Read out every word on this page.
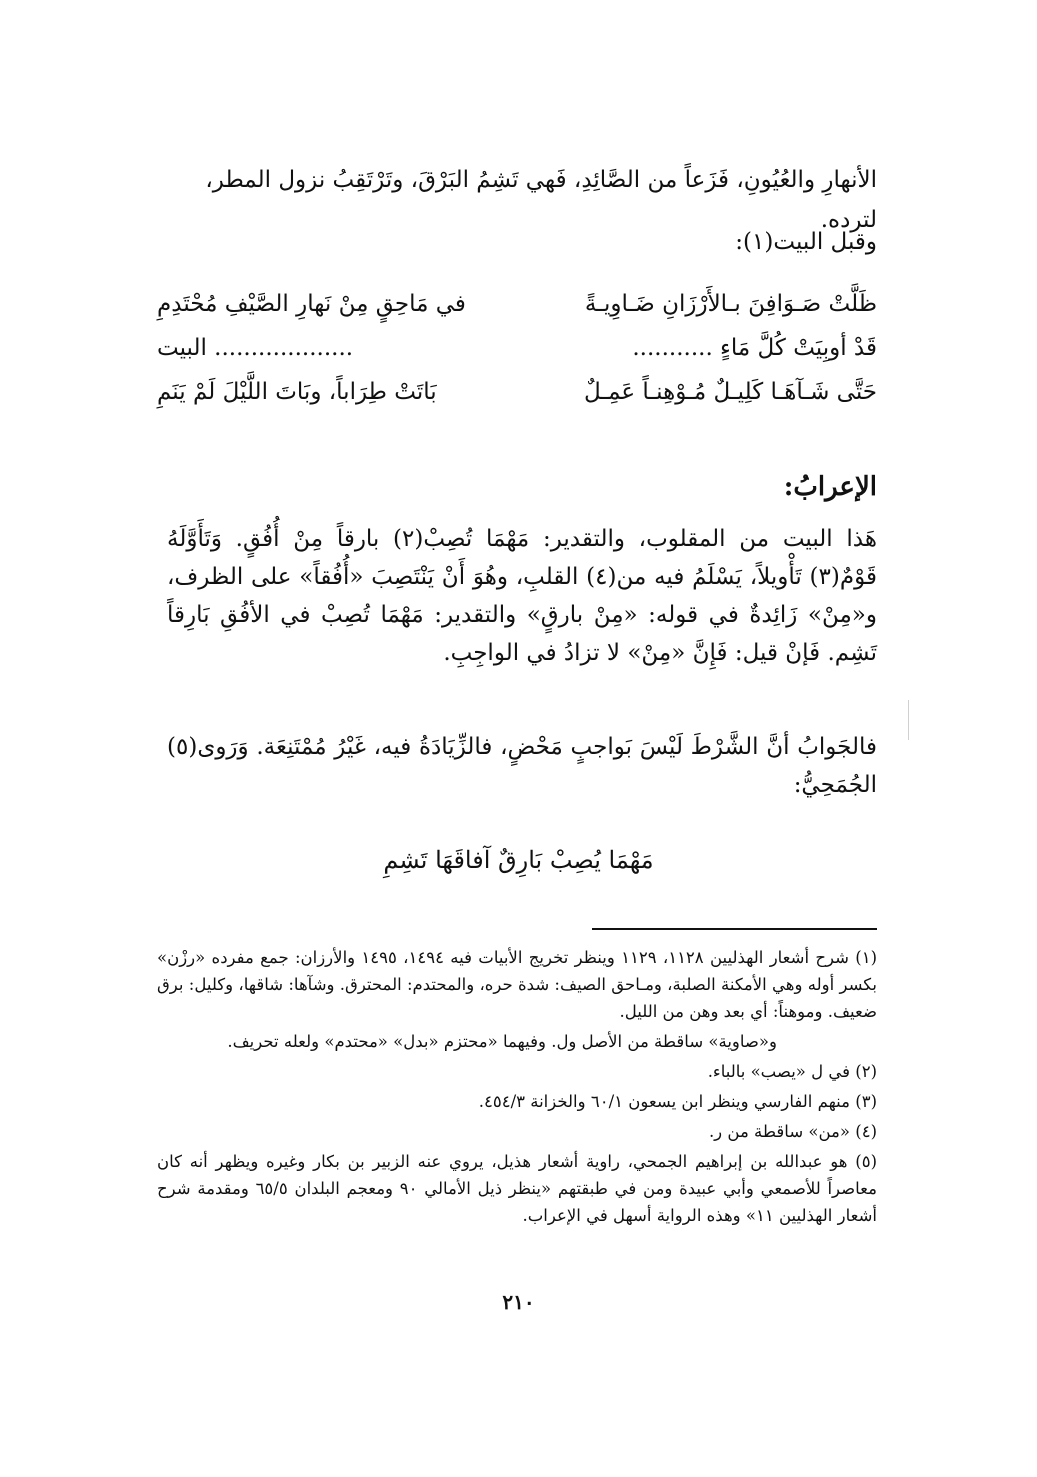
الأنهارِ والعُيُونِ، فَزَعاً من الصَّائِدِ، فَهي تَشِمُ البَرْقَ، وتَرْتَقِبُ نزول المطر، لترده.
وقبل البيت(١):
ظَلَّتْ صَـوَافِنَ بـالأَرْزَانِ ضَـاوِيـةً
في مَاحِقٍ مِنْ نَهارِ الصَّيْفِ مُحْتَدِمِ
قَدْ أوبِيَتْ كُلَّ مَاءٍ ...........
................... البيت
حَتَّى شَـآهَـا كَلِيـلٌ مُـوْهِنـاً عَمِـلٌ
بَاتَتْ طِرَاباً، وبَاتَ اللَّيْلَ لَمْ يَنَمِ
الإعرابُ:
هَذا البيت من المقلوب، والتقدير: مَهْمَا تُصِبْ(٢) بارقاً مِنْ أُفُقٍ. وَتَأَوَّلَهُ قَوْمٌ(٣) تَأْويلاً، يَسْلَمُ فيه من(٤) القلبِ، وهُوَ أَنْ يَنْتَصِبَ «أُفُقاً» على الظرف، و«مِنْ» زَائِدةٌ في قوله: «مِنْ بارقٍ» والتقدير: مَهْمَا تُصِبْ في الأفُقِ بَارِقاً تَشِم. فَإنْ قيل: فَإِنَّ «مِنْ» لا تزادُ في الواجِبِ.
فالجَوابُ أنَّ الشَّرْطَ لَيْسَ بَواجبٍ مَحْضٍ، فالزِّيَادَةُ فيه، غَيْرُ مُمْتَنِعَة. وَرَوى(٥) الجُمَحِيُّ:
مَهْمَا يُصِبْ بَارِقٌ آفاقَهَا تَشِمِ
(١) شرح أشعار الهذليين ١١٢٨، ١١٢٩ وينظر تخريج الأبيات فيه ١٤٩٤، ١٤٩٥ والأرزان: جمع مفرده «رزْن» بكسر أوله وهي الأمكنة الصلبة، ومـاحق الصيف: شدة حره، والمحتدم: المحترق. وشآها: شاقها، وكليل: برق ضعيف. وموهناً: أي بعد وهن من الليل.
و«صاوية» ساقطة من الأصل ول. وفيهما «محتزم «بدل» «محتدم» ولعله تحريف.
(٢) في ل «يصب» بالباء.
(٣) منهم الفارسي وينظر ابن يسعون ٦٠/١ والخزانة ٤٥٤/٣.
(٤) «من» ساقطة من ر.
(٥) هو عبدالله بن إبراهيم الجمحي، راوية أشعار هذيل، يروي عنه الزبير بن بكار وغيره ويظهر أنه كان معاصراً للأصمعي وأبي عبيدة ومن في طبقتهم «ينظر ذيل الأمالي ٩٠ ومعجم البلدان ٦٥/٥ ومقدمة شرح أشعار الهذليين ١١» وهذه الرواية أسهل في الإعراب.
٢١٠
